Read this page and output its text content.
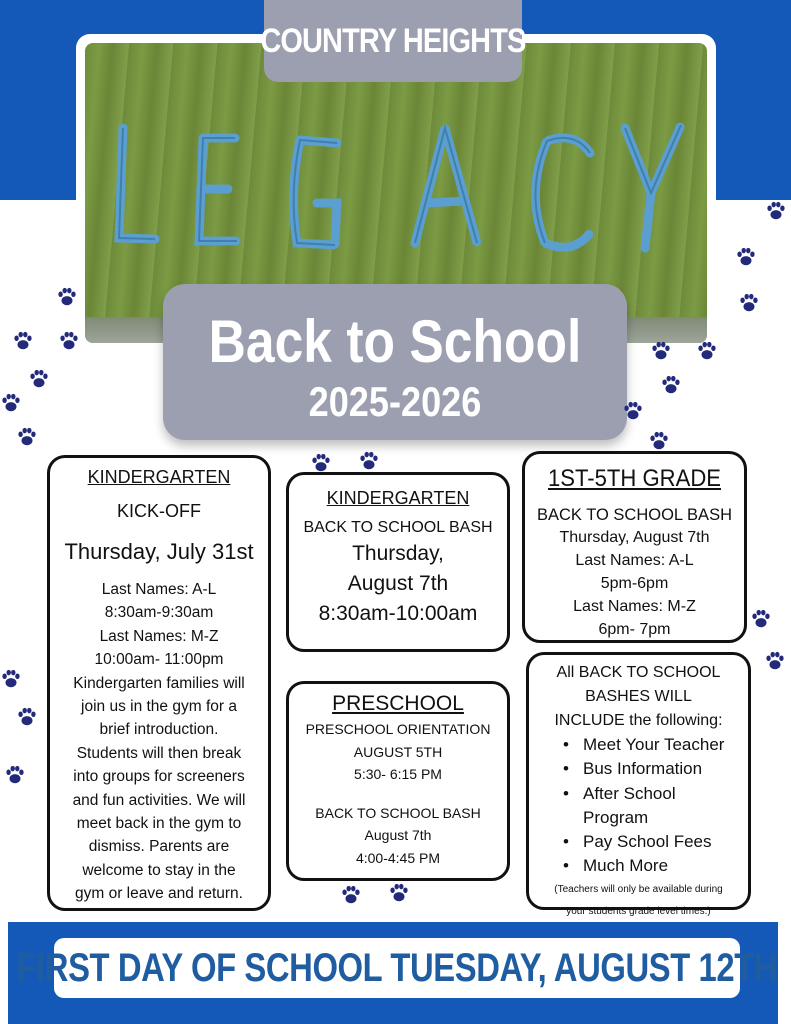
COUNTRY HEIGHTS
Back to School
2025-2026
KINDERGARTEN
KICK-OFF
Thursday, July 31st
Last Names: A-L
8:30am-9:30am
Last Names: M-Z
10:00am- 11:00pm
Kindergarten families will
join us in the gym for a
brief introduction.
Students will then break
into groups for screeners
and fun activities. We will
meet back in the gym to
dismiss. Parents are
welcome to stay in the
gym or leave and return.
KINDERGARTEN
BACK TO SCHOOL BASH
Thursday,
August 7th
8:30am-10:00am
1ST-5TH GRADE
BACK TO SCHOOL BASH
Thursday, August 7th
Last Names: A-L
5pm-6pm
Last Names: M-Z
6pm- 7pm
PRESCHOOL
PRESCHOOL ORIENTATION
AUGUST 5TH
5:30- 6:15 PM
BACK TO SCHOOL BASH
August 7th
4:00-4:45 PM
All BACK TO SCHOOL
BASHES WILL
INCLUDE the following:
• Meet Your Teacher
• Bus Information
• After School Program
• Pay School Fees
• Much More
(Teachers will only be available during
your students grade level times.)
FIRST DAY OF SCHOOL TUESDAY, AUGUST 12TH
